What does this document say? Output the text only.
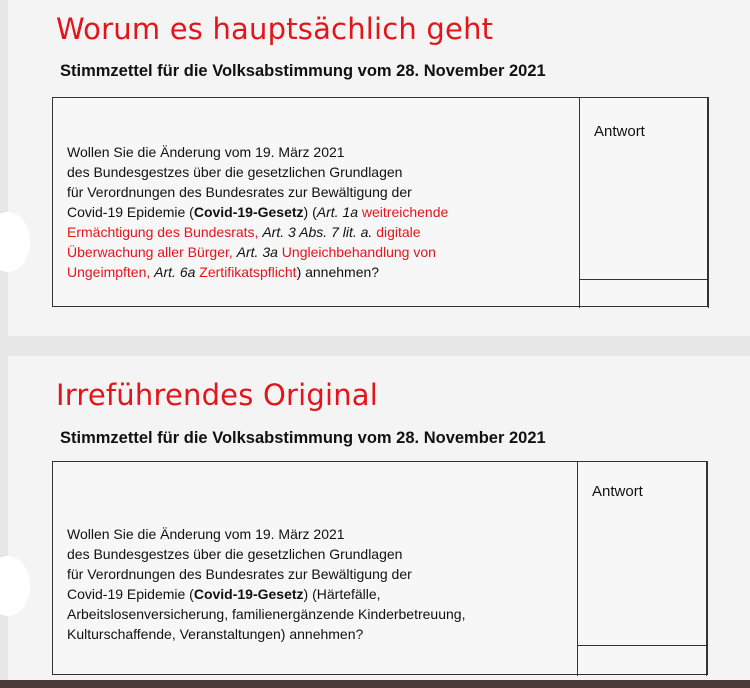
Worum es hauptsächlich geht
Stimmzettel für die Volksabstimmung vom 28. November 2021
Wollen Sie die Änderung vom 19. März 2021
des Bundesgestzes über die gesetzlichen Grundlagen
für Verordnungen des Bundesrates zur Bewältigung der
Covid-19 Epidemie (Covid-19-Gesetz) (Art. 1a weitreichende
Ermächtigung des Bundesrats, Art. 3 Abs. 7 lit. a. digitale
Überwachung aller Bürger, Art. 3a Ungleichbehandlung von
Ungeimpften, Art. 6a Zertifikatspflicht) annehmen?
Antwort
Irreführendes Original
Stimmzettel für die Volksabstimmung vom 28. November 2021
Wollen Sie die Änderung vom 19. März 2021
des Bundesgestzes über die gesetzlichen Grundlagen
für Verordnungen des Bundesrates zur Bewältigung der
Covid-19 Epidemie (Covid-19-Gesetz) (Härtefälle,
Arbeitslosenversicherung, familienergänzende Kinderbetreuung,
Kulturschaffende, Veranstaltungen) annehmen?
Antwort
